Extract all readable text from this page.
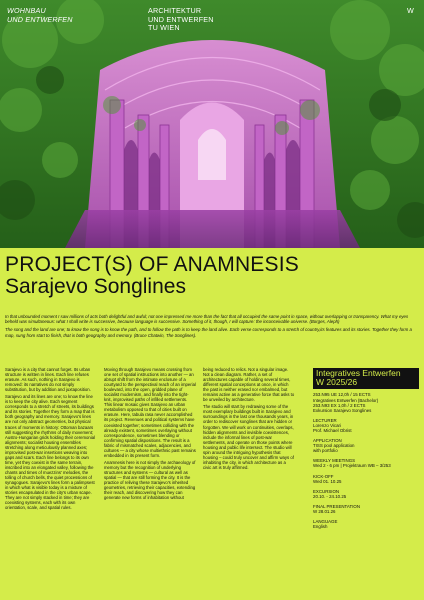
WOHNBAU
UND ENTWERFEN
ARCHITEKTUR
UND ENTWERFEN
TU WIEN
W
PROJECT(S) OF ANAMNESIS
Sarajevo Songlines

In that unbounded moment I saw millions of acts both delightful and awful; not one impressed me more than the fact that all occupied the same point in space, without overlapping or transparency. What my eyes beheld was simultaneous: what I shall write is successive, because language is successive. Something of it, though, I will capture: the inconceivable universe. (Borges, Aleph)

The song and the land are one; to know the song is to know the path, and to follow the path is to keep the land alive. Each verse corresponds to a stretch of country,its features and its stories. Together they form a map, sung from start to finish, that is both geography and memory. (Bruce Chatwin, The Songlines).

Sarajevo is a city that cannot forget. Its urban structure is written in lines. Each line refuses erasure. As such, nothing in Sarajevo is removed: its narratives do not simply substitution, but by addition and juxtaposition.

Sarajevo and its lines are one; to know the line is to keep the city alive. Each segment corresponds to a stretch of streets, its buildings and its stories. Together they form a map that is both geography and memory. Sarajevo's lines are not only abstract geometries, but physical traces of moments in history: Ottoman bazaars still suggesting the rhythms of daily movement; Austro-Hungarian grids holding their ceremonial alignments; socialist housing ensembles stretching along meticulously planned axes; improvised post-war insertions weaving into gaps and scars. Each line belongs to its own time, yet they coexist in the same terrain, inscribed into an elongated valley, following the chants and times of muezzins' melodies, the tolling of church bells, the quiet processions of synagogues. Sarajevo's lines form a palimpsest in which what is visible today is a mixture of stories encapsulated in the city's urban scape. They are not simply stacked in time; they are coexisting systems, each with its own orientation, scale, and spatial rules.

Moving through Sarajevo means crossing from one set of spatial instructions into another — an abrupt shift from the intimate enclosure of a courtyard to the perspectival reach of an imperial boulevard, into the open, gridded plane of socialist modernism, and finally into the tight-knit, improvised paths of infilled settlements. This linear mosaic gives Sarajevo an urban metabolism opposed to that of cities built on erasure. Here, tabula rasa never accomplished its project. Revenues and political systems have coexisted together; sometimes colliding with the already existent, sometimes overlaying without correspondence, sometimes blending or confirming spatial dispositions. The result is a fabric of mismatched scales, adjacencies, and cultures — a city whose multiethnic past remains embedded in its present form.

Anamnesis here is not simply the archaeology of memory but the recognition of underlying structures and systems — cultural as well as spatial — that are still forming the city. It is the practice of reliving these Sarajevo's inherited geometries, retrieving their capacities, extending their reach, and discovering how they can generate new forms of inhabitation without

being reduced to relics. Not a singular image. Not a clean diagram. Rather, a set of architectures capable of holding several times, different spatial conceptions at once, in which the past is neither erased nor embalmed, but remains active as a generative force that asks to be unveiled by architecture.

The studio will start by redrawing some of the most exemplary buildings built in Sarajevo and surroundings in the last one thousands years, in order to rediscover songlines that are hidden or forgotten. We will work on continuities, overlaps, hidden alignments and invisible coexistences, include the informal lines of post-war settlements, and operate on those points where housing and public life intersect. The studio will spin around the intriguing hypothesis that housing – could truly uncover and affirm ways of inhabiting the city, in which architecture as a civic art is truly affirmed.

Integratives Entwerfen
W 2025/26
253.N95 UE 12,0h / 15 ECTS
Integratives Entwerfen (Bachelor)
253.N93 EX 1,0h / 2 ECTS
Exkursion Sarajevo Songlines
LECTURER
Lorenzo Vicari
Prof. Michael Obrist
APPLICATION
TISS pool application
with portfolio
WEEKLY MEETINGS
Wed 2 - 6 pm | Projektraum WB – 3/253
KICK-OFF
Wed 01. 10.25
EXCURSION
20.10. - 24.10.25
FINAL PRESENTATION
W 28.01.26
LANGUAGE
English
